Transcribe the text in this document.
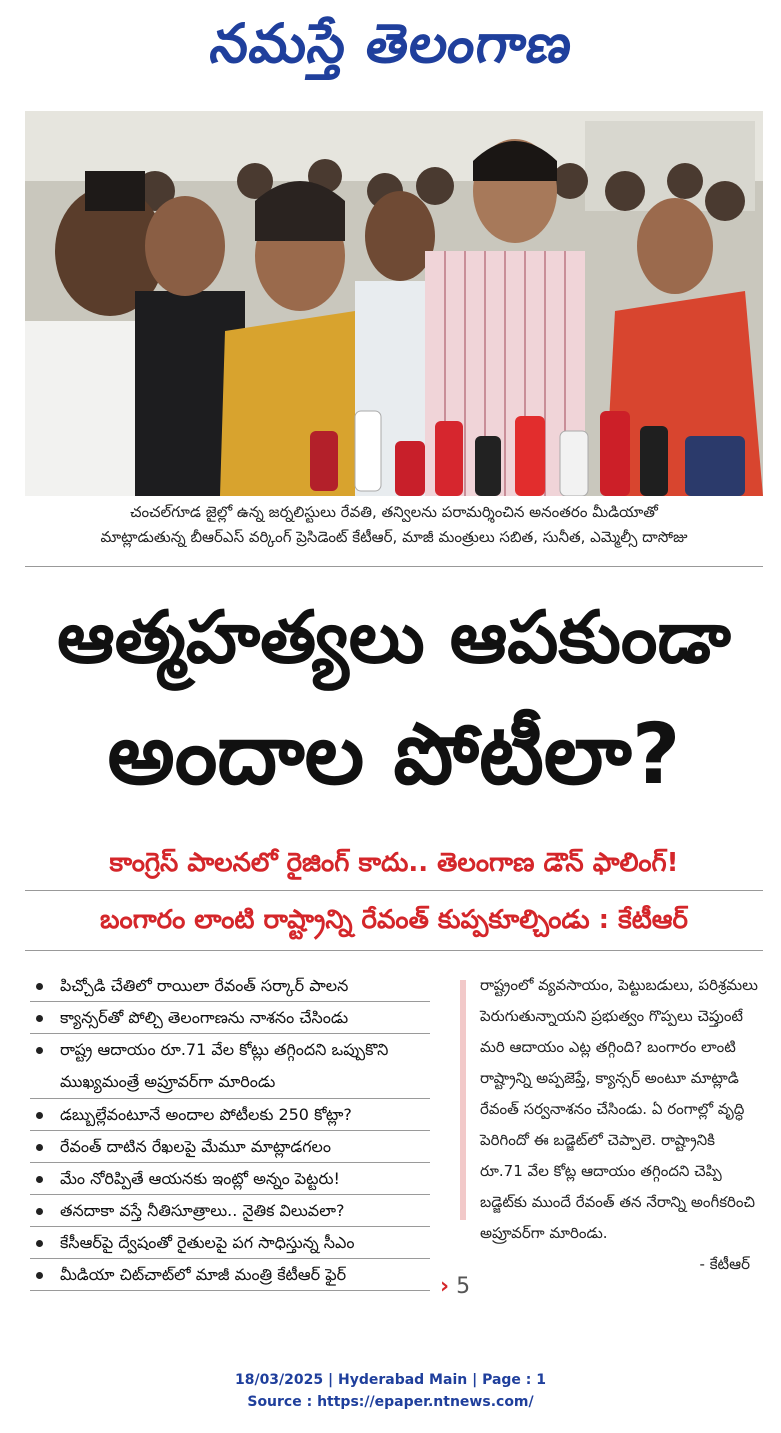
నమస్తే తెలంగాణ
చంచల్‌గూడ జైల్లో ఉన్న జర్నలిస్టులు రేవతి, తన్విలను పరామర్శించిన అనంతరం మీడియాతో
మాట్లాడుతున్న బీఆర్‌ఎస్ వర్కింగ్ ప్రెసిడెంట్ కేటీఆర్, మాజీ మంత్రులు సబిత, సునీత, ఎమ్మెల్సీ దాసోజు
ఆత్మహత్యలు ఆపకుండా
అందాల పోటీలా?
కాంగ్రెస్ పాలనలో రైజింగ్ కాదు.. తెలంగాణ డౌన్ ఫాలింగ్!
బంగారం లాంటి రాష్ట్రాన్ని రేవంత్ కుప్పకూల్చిండు : కేటీఆర్
పిచ్చోడి చేతిలో రాయిలా రేవంత్ సర్కార్ పాలన
క్యాన్సర్‌తో పోల్చి తెలంగాణను నాశనం చేసిండు
రాష్ట్ర ఆదాయం రూ.71 వేల కోట్లు తగ్గిందని ఒప్పుకొని ముఖ్యమంత్రే అప్రూవర్‌గా మారిండు
డబ్బుల్లేవంటూనే అందాల పోటీలకు 250 కోట్లా?
రేవంత్ దాటిన రేఖలపై మేమూ మాట్లాడగలం
మేం నోరిప్పితే ఆయనకు ఇంట్లో అన్నం పెట్టరు!
తనదాకా వస్తే నీతిసూత్రాలు.. నైతిక విలువలా?
కేసీఆర్‌పై ద్వేషంతో రైతులపై పగ సాధిస్తున్న సీఎం
మీడియా చిట్‌చాట్‌లో మాజీ మంత్రి కేటీఆర్ ఫైర్

రాష్ట్రంలో వ్యవసాయం, పెట్టుబడులు, పరిశ్రమలు పెరుగుతున్నాయని ప్రభుత్వం గొప్పలు చెప్తుంటే మరి ఆదాయం ఎట్ల తగ్గింది? బంగారం లాంటి రాష్ట్రాన్ని అప్పజెప్తే, క్యాన్సర్ అంటూ మాట్లాడి రేవంత్ సర్వనాశనం చేసిండు. ఏ రంగాల్లో వృద్ధి పెరిగిందో ఈ బడ్జెట్‌లో చెప్పాలె. రాష్ట్రానికి రూ.71 వేల కోట్ల ఆదాయం తగ్గిందని చెప్పి బడ్జెట్‌కు ముందే రేవంత్ తన నేరాన్ని అంగీకరించి అప్రూవర్‌గా మారిండు.

- కేటీఆర్
› 5
18/03/2025 | Hyderabad Main | Page : 1
Source : https://epaper.ntnews.com/
